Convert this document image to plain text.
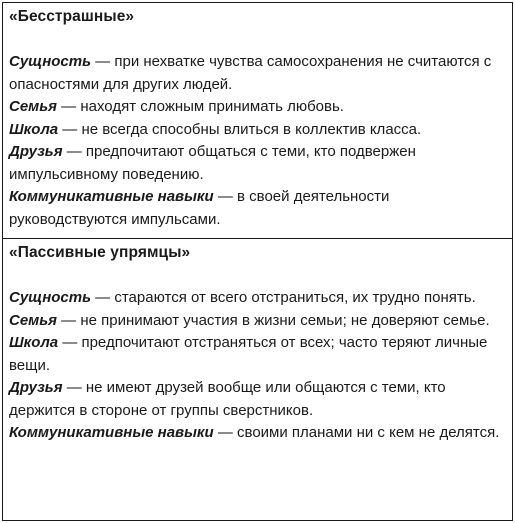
«Бесстрашные»

Сущность — при нехватке чувства самосохранения не считаются с опасностями для других людей.

Семья — находят сложным принимать любовь.

Школа — не всегда способны влиться в коллектив класса.

Друзья — предпочитают общаться с теми, кто подвержен импульсивному поведению.

Коммуникативные навыки — в своей деятельности руководствуются импульсами.

«Пассивные упрямцы»

Сущность — стараются от всего отстраниться, их трудно понять.

Семья — не принимают участия в жизни семьи; не доверяют семье.

Школа — предпочитают отстраняться от всех; часто теряют личные вещи.

Друзья — не имеют друзей вообще или общаются с теми, кто держится в стороне от группы сверстников.

Коммуникативные навыки — своими планами ни с кем не делятся.
